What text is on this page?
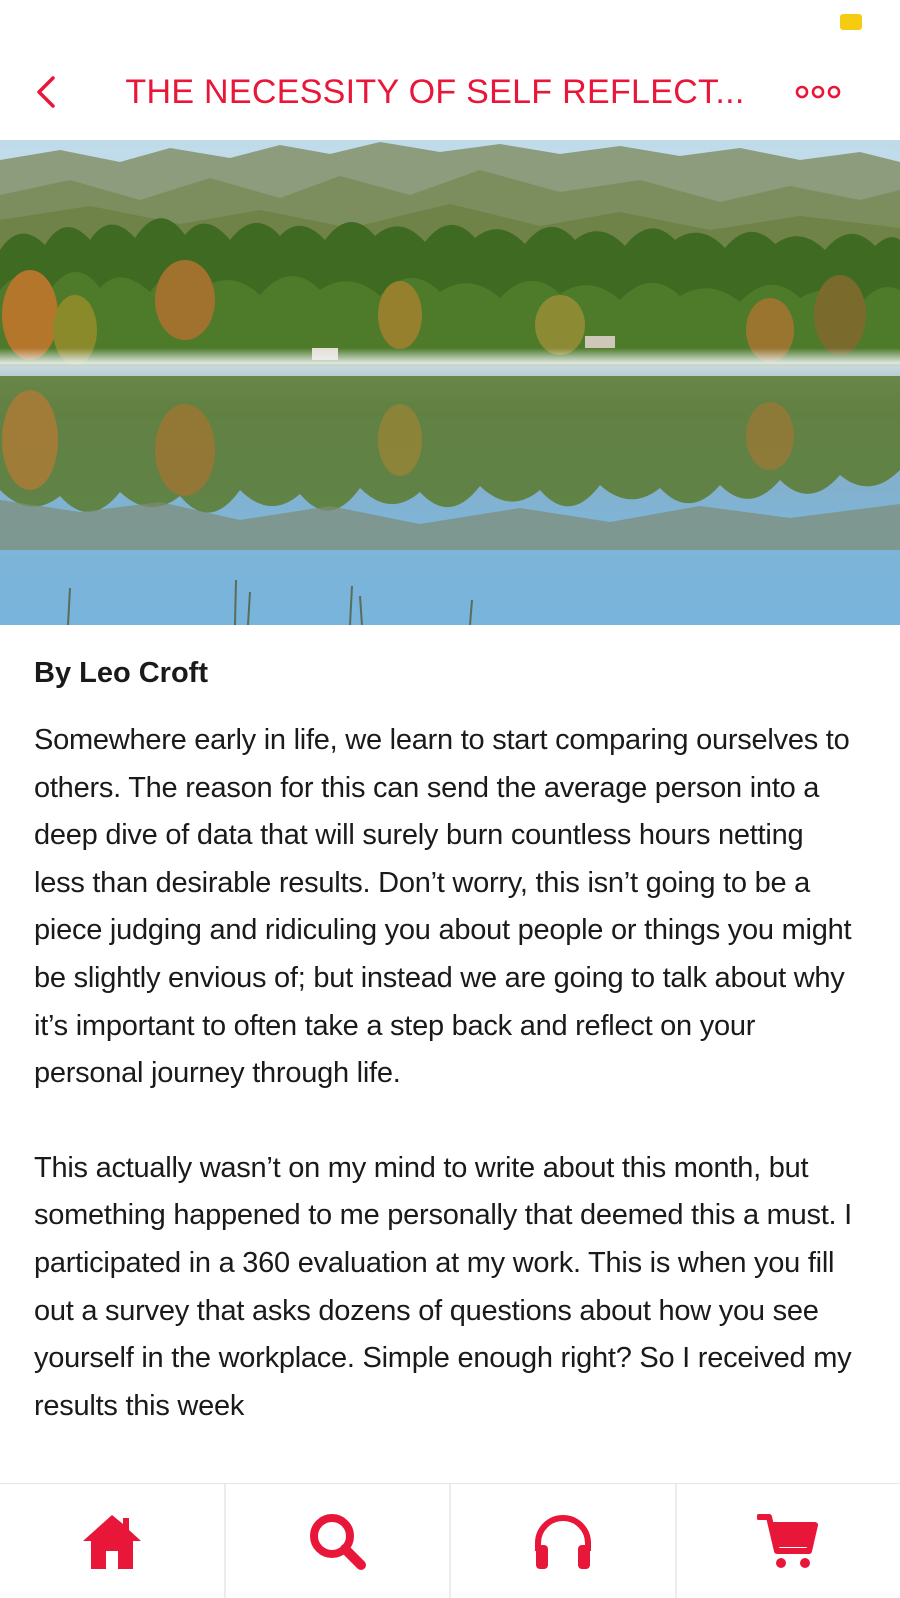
THE NECESSITY OF SELF REFLECT...

By Leo Croft

Somewhere early in life, we learn to start comparing ourselves to others. The reason for this can send the average person into a deep dive of data that will surely burn countless hours netting less than desirable results. Don’t worry, this isn’t going to be a piece judging and ridiculing you about people or things you might be slightly envious of; but instead we are going to talk about why it’s important to often take a step back and reflect on your personal journey through life.

This actually wasn’t on my mind to write about this month, but something happened to me personally that deemed this a must. I participated in a 360 evaluation at my work. This is when you fill out a survey that asks dozens of questions about how you see yourself in the workplace. Simple enough right? So I received my results this week
